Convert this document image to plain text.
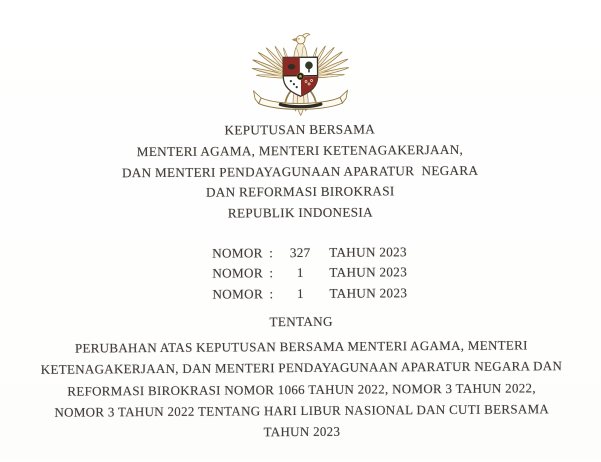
KEPUTUSAN BERSAMA
MENTERI AGAMA, MENTERI KETENAGAKERJAAN,
DAN MENTERI PENDAYAGUNAAN APARATUR  NEGARA
DAN REFORMASI BIROKRASI
REPUBLIK INDONESIA
NOMOR :	327	TAHUN 2023
NOMOR :	1	TAHUN 2023
NOMOR :	1	TAHUN 2023
TENTANG
PERUBAHAN ATAS KEPUTUSAN BERSAMA MENTERI AGAMA, MENTERI
KETENAGAKERJAAN, DAN MENTERI PENDAYAGUNAAN APARATUR NEGARA DAN
REFORMASI BIROKRASI NOMOR 1066 TAHUN 2022, NOMOR 3 TAHUN 2022,
NOMOR 3 TAHUN 2022 TENTANG HARI LIBUR NASIONAL DAN CUTI BERSAMA
TAHUN 2023
